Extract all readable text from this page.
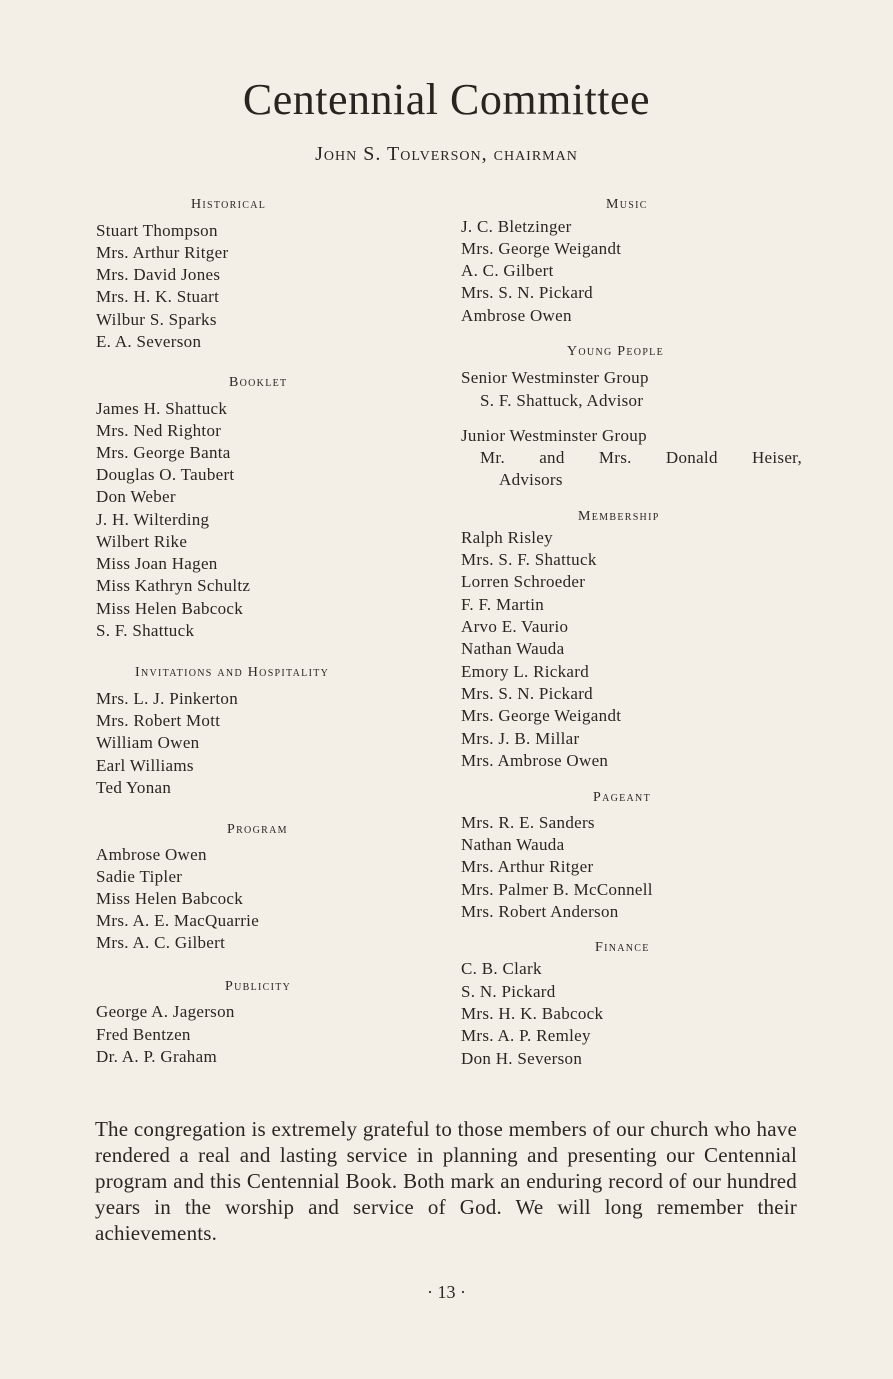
Centennial Committee
John S. Tolverson, chairman
Historical
Stuart Thompson
Mrs. Arthur Ritger
Mrs. David Jones
Mrs. H. K. Stuart
Wilbur S. Sparks
E. A. Severson
Booklet
James H. Shattuck
Mrs. Ned Rightor
Mrs. George Banta
Douglas O. Taubert
Don Weber
J. H. Wilterding
Wilbert Rike
Miss Joan Hagen
Miss Kathryn Schultz
Miss Helen Babcock
S. F. Shattuck
Invitations and Hospitality
Mrs. L. J. Pinkerton
Mrs. Robert Mott
William Owen
Earl Williams
Ted Yonan
Program
Ambrose Owen
Sadie Tipler
Miss Helen Babcock
Mrs. A. E. MacQuarrie
Mrs. A. C. Gilbert
Publicity
George A. Jagerson
Fred Bentzen
Dr. A. P. Graham
Music
J. C. Bletzinger
Mrs. George Weigandt
A. C. Gilbert
Mrs. S. N. Pickard
Ambrose Owen
Young People
Senior Westminster Group
S. F. Shattuck, Advisor
Junior Westminster Group
Mr. and Mrs. Donald Heiser,
Advisors
Membership
Ralph Risley
Mrs. S. F. Shattuck
Lorren Schroeder
F. F. Martin
Arvo E. Vaurio
Nathan Wauda
Emory L. Rickard
Mrs. S. N. Pickard
Mrs. George Weigandt
Mrs. J. B. Millar
Mrs. Ambrose Owen
Pageant
Mrs. R. E. Sanders
Nathan Wauda
Mrs. Arthur Ritger
Mrs. Palmer B. McConnell
Mrs. Robert Anderson
Finance
C. B. Clark
S. N. Pickard
Mrs. H. K. Babcock
Mrs. A. P. Remley
Don H. Severson
The congregation is extremely grateful to those members of our church who have rendered a real and lasting service in planning and presenting our Centennial program and this Centennial Book. Both mark an enduring record of our hundred years in the worship and service of God. We will long remember their achievements.
· 13 ·
